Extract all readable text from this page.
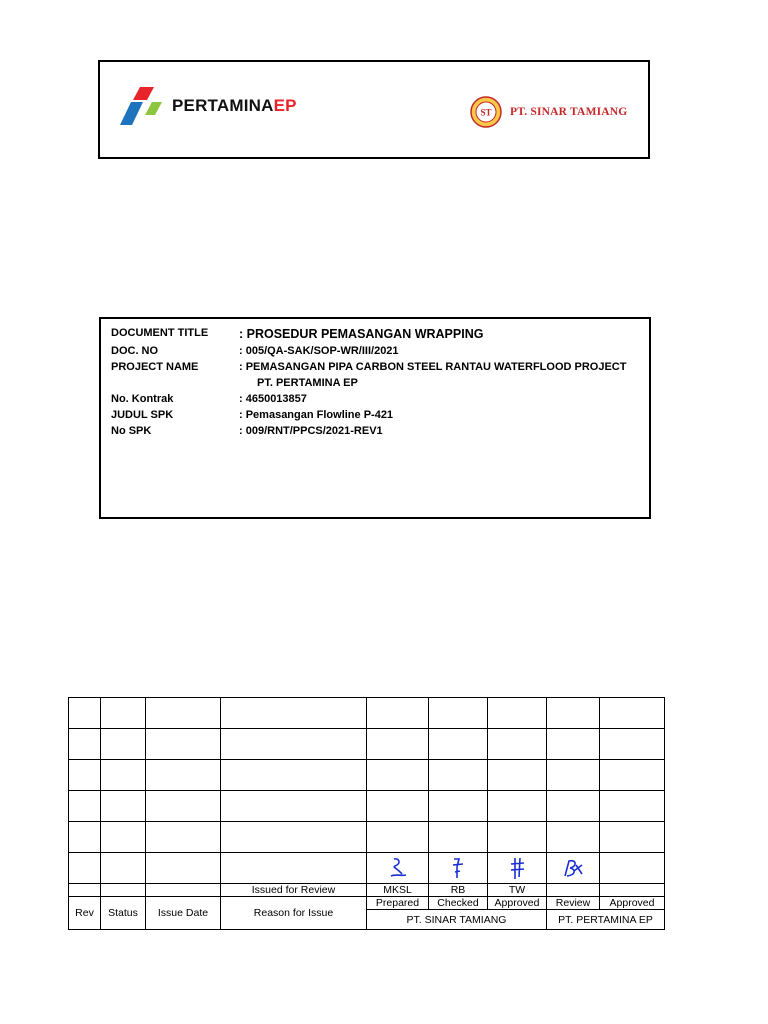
PERTAMINAEP	ST PT. SINAR TAMIANG
DOCUMENT TITLE : PROSEDUR PEMASANGAN WRAPPING
DOC. NO	: 005/QA-SAK/SOP-WR/III/2021
PROJECT NAME	: PEMASANGAN PIPA CARBON STEEL RANTAU WATERFLOOD PROJECT
PT. PERTAMINA EP
No. Kontrak	: 4650013857
JUDUL SPK	: Pemasangan Flowline P-421
No SPK	: 009/RNT/PPCS/2021-REV1

			Issued for Review	MKSL	RB	TW		
Rev	Status	Issue Date	Reason for Issue	Prepared	Checked	Approved	Review	Approved
				PT. SINAR TAMIANG			PT. PERTAMINA EP	
